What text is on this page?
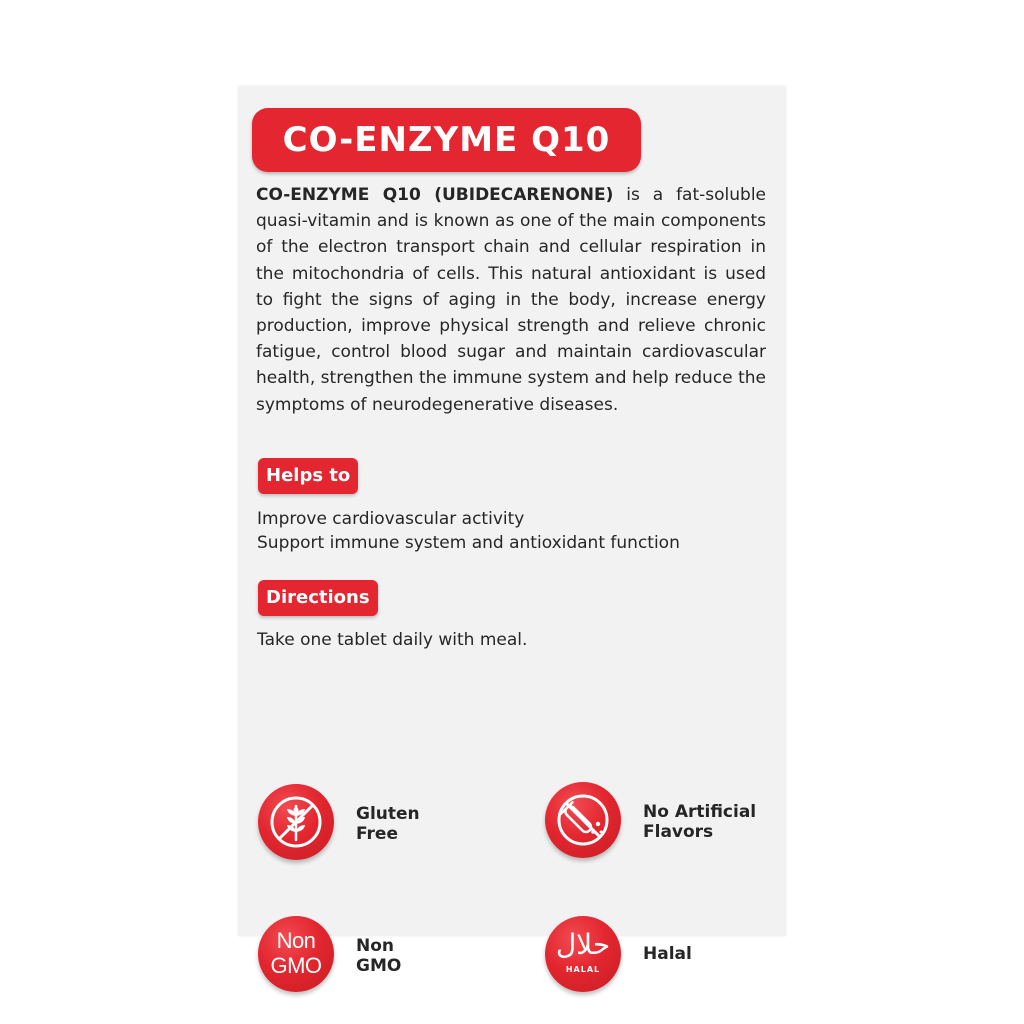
CO-ENZYME Q10

CO-ENZYME Q10 (UBIDECARENONE) is a fat-soluble quasi-vitamin and is known as one of the main components of the electron transport chain and cellular respiration in the mitochondria of cells. This natural antioxidant is used to fight the signs of aging in the body, increase energy production, improve physical strength and relieve chronic fatigue, control blood sugar and maintain cardiovascular health, strengthen the immune system and help reduce the symptoms of neurodegenerative diseases.

Helps to
Improve cardiovascular activity
Support immune system and antioxidant function
Directions

Take one tablet daily with meal.

Gluten
Free

No Artificial
Flavors

Non
GMO

Non
GMO

حلال
HALAL

Halal
